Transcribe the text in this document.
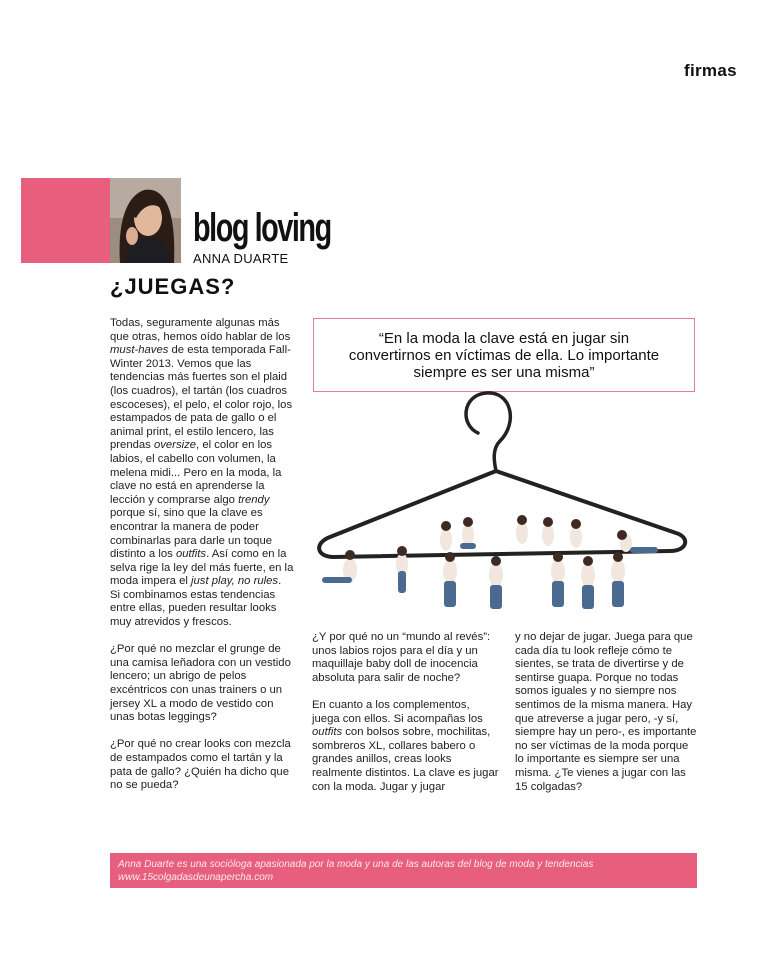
firmas
blog loving
ANNA DUARTE
¿JUEGAS?

Todas, seguramente algunas más que otras, hemos oído hablar de los must-haves de esta temporada Fall-Winter 2013. Vemos que las tendencias más fuertes son el plaid (los cuadros), el tartán (los cuadros escoceses), el pelo, el color rojo, los estampados de pata de gallo o el animal print, el estilo lencero, las prendas oversize, el color en los labios, el cabello con volumen, la melena midi... Pero en la moda, la clave no está en aprenderse la lección y comprarse algo trendy porque sí, sino que la clave es encontrar la manera de poder combinarlas para darle un toque distinto a los outfits. Así como en la selva rige la ley del más fuerte, en la moda impera el just play, no rules. Si combinamos estas tendencias entre ellas, pueden resultar looks muy atrevidos y frescos.

¿Por qué no mezclar el grunge de una camisa leñadora con un vestido lencero; un abrigo de pelos excéntricos con unas trainers o un jersey XL a modo de vestido con unas botas leggings?

¿Por qué no crear looks con mezcla de estampados como el tartán y la pata de gallo? ¿Quién ha dicho que no se pueda?

“En la moda la clave está en jugar sin convertirnos en víctimas de ella. Lo importante siempre es ser una misma”

¿Y por qué no un “mundo al revés”: unos labios rojos para el día y un maquillaje baby doll de inocencia absoluta para salir de noche?

En cuanto a los complementos, juega con ellos. Si acompañas los outfits con bolsos sobre, mochilitas, sombreros XL, collares babero o grandes anillos, creas looks realmente distintos. La clave es jugar con la moda. Jugar y jugar

y no dejar de jugar. Juega para que cada día tu look refleje cómo te sientes, se trata de divertirse y de sentirse guapa. Porque no todas somos iguales y no siempre nos sentimos de la misma manera. Hay que atreverse a jugar pero, -y sí, siempre hay un pero-, es importante no ser víctimas de la moda porque lo importante es siempre ser una misma. ¿Te vienes a jugar con las 15 colgadas?

Anna Duarte es una socióloga apasionada por la moda y una de las autoras del blog de moda y tendencias
www.15colgadasdeunapercha.com
